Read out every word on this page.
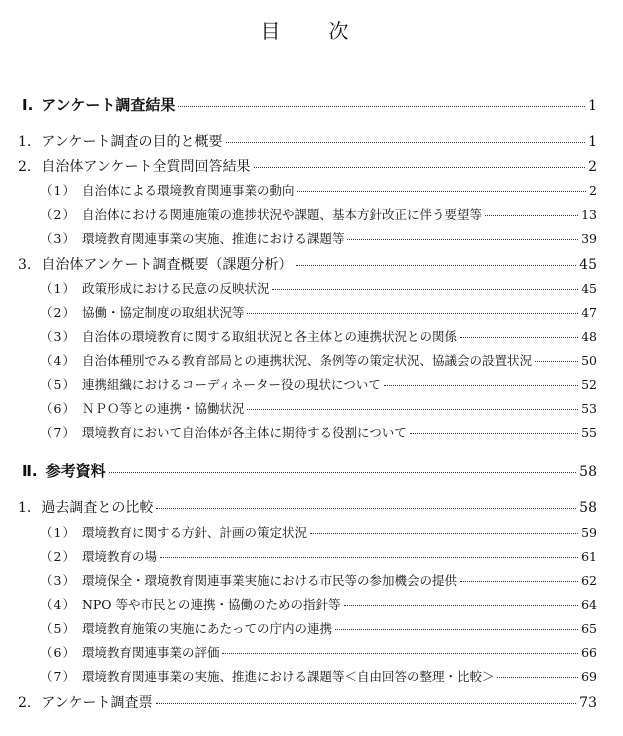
目　次
Ⅰ. アンケート調査結果	1
1. アンケート調査の目的と概要	1
2. 自治体アンケート全質問回答結果	2
（1） 自治体による環境教育関連事業の動向	2
（2） 自治体における関連施策の進捗状況や課題、基本方針改正に伴う要望等	13
（3） 環境教育関連事業の実施、推進における課題等	39
3. 自治体アンケート調査概要（課題分析）	45
（1） 政策形成における民意の反映状況	45
（2） 協働・協定制度の取組状況等	47
（3） 自治体の環境教育に関する取組状況と各主体との連携状況との関係	48
（4） 自治体種別でみる教育部局との連携状況、条例等の策定状況、協議会の設置状況	50
（5） 連携組織におけるコーディネーター役の現状について	52
（6） ＮＰＯ等との連携・協働状況	53
（7） 環境教育において自治体が各主体に期待する役割について	55
Ⅱ. 参考資料	58
1. 過去調査との比較	58
（1） 環境教育に関する方針、計画の策定状況	59
（2） 環境教育の場	61
（3） 環境保全・環境教育関連事業実施における市民等の参加機会の提供	62
（4） NPO 等や市民との連携・協働のための指針等	64
（5） 環境教育施策の実施にあたっての庁内の連携	65
（6） 環境教育関連事業の評価	66
（7） 環境教育関連事業の実施、推進における課題等＜自由回答の整理・比較＞	69
2. アンケート調査票	73
